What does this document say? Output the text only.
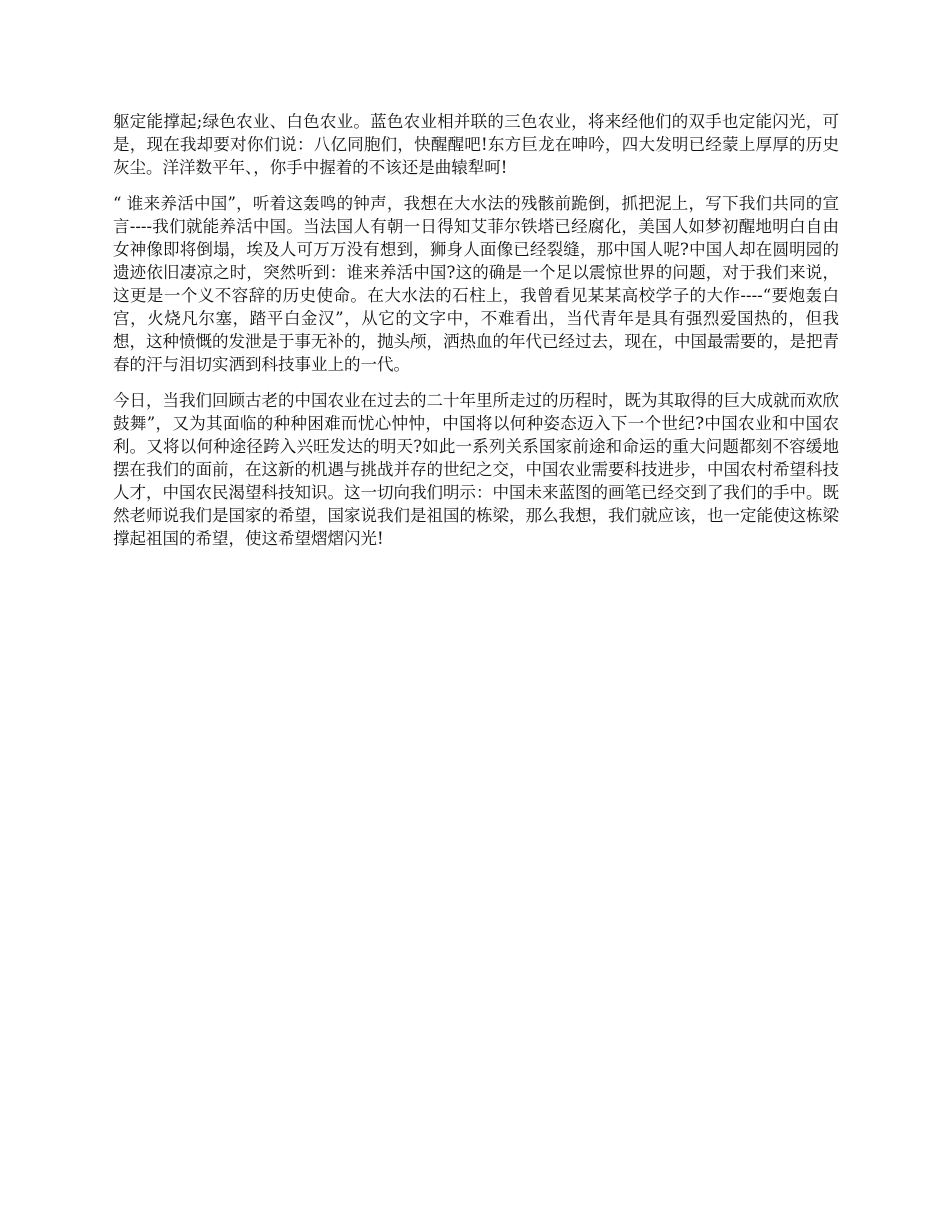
躯定能撑起;绿色农业、白色农业。蓝色农业相并联的三色农业，将来经他们的双手也定能闪光，可是，现在我却要对你们说：八亿同胞们，快醒醒吧!东方巨龙在呻吟，四大发明已经蒙上厚厚的历史灰尘。洋洋数平年、，你手中握着的不该还是曲辕犁呵!

“ 谁来养活中国”，听着这轰鸣的钟声，我想在大水法的残骸前跪倒，抓把泥上，写下我们共同的宣言----我们就能养活中国。当法国人有朝一日得知艾菲尔铁塔已经腐化，美国人如梦初醒地明白自由女神像即将倒塌，埃及人可万万没有想到，狮身人面像已经裂缝，那中国人呢?中国人却在圆明园的遗迹依旧凄凉之时，突然听到：谁来养活中国?这的确是一个足以震惊世界的问题，对于我们来说，这更是一个义不容辞的历史使命。在大水法的石柱上，我曾看见某某高校学子的大作----“要炮轰白宫，火烧凡尔塞，踏平白金汉”，从它的文字中，不难看出，当代青年是具有强烈爱国热的，但我想，这种愤慨的发泄是于事无补的，抛头颅，洒热血的年代已经过去，现在，中国最需要的，是把青春的汗与泪切实洒到科技事业上的一代。

今日，当我们回顾古老的中国农业在过去的二十年里所走过的历程时，既为其取得的巨大成就而欢欣鼓舞”，又为其面临的种种困难而忧心忡忡，中国将以何种姿态迈入下一个世纪?中国农业和中国农利。又将以何种途径跨入兴旺发达的明天?如此一系列关系国家前途和命运的重大问题都刻不容缓地摆在我们的面前，在这新的机遇与挑战并存的世纪之交，中国农业需要科技进步，中国农村希望科技人才，中国农民渴望科技知识。这一切向我们明示：中国未来蓝图的画笔已经交到了我们的手中。既然老师说我们是国家的希望，国家说我们是祖国的栋梁，那么我想，我们就应该，也一定能使这栋梁撑起祖国的希望，使这希望熠熠闪光!
